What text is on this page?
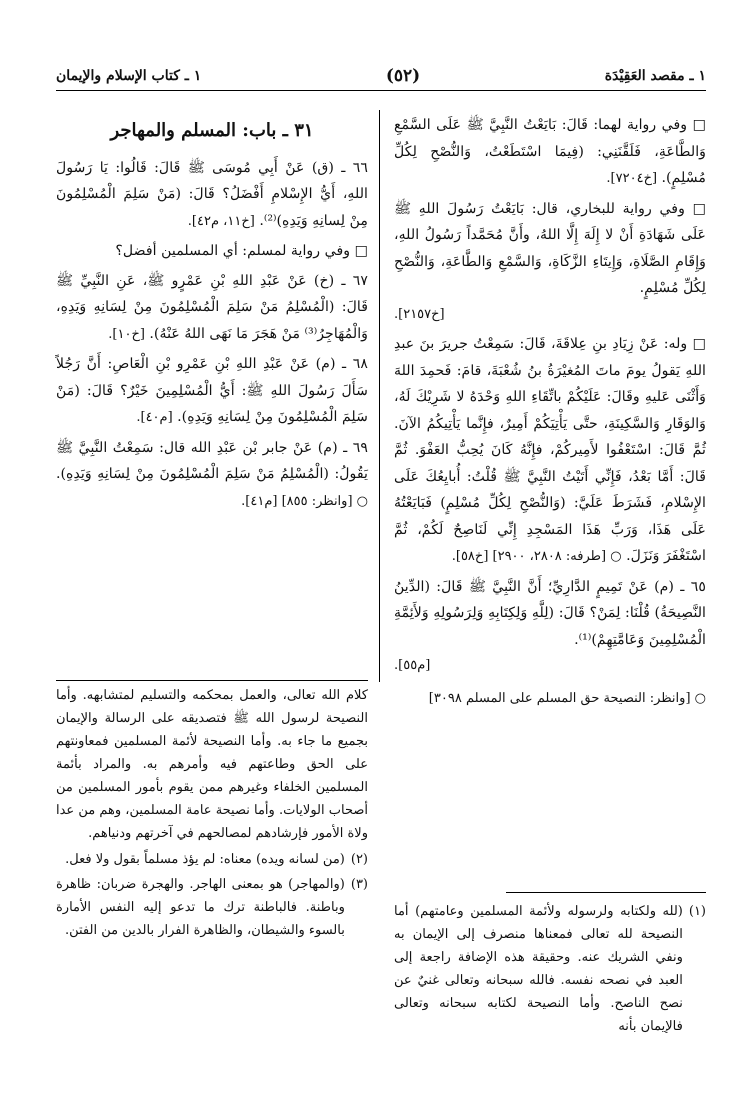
١ ـ مقصد العَقِيْدَة
(٥٢)
١ ـ كتاب الإسلام والإيمان

□ وفي رواية لهما: قَالَ: بَايَعْتُ النَّبِيَّ ﷺ عَلَى السَّمْعِ وَالطَّاعَةِ، فَلَقَّنَنِي: (فِيمَا اسْتَطَعْتُ، وَالنُّصْحِ لِكُلِّ مُسْلِمٍ). [خ٧٢٠٤].

□ وفي رواية للبخاري، قال: بَايَعْتُ رَسُولَ اللهِ ﷺ عَلَى شَهَادَةِ أَنْ لا إِلَهَ إِلَّا اللهُ، وأَنَّ مُحَمَّداً رَسُولُ اللهِ، وَإِقَامِ الصَّلَاةِ، وَإِيتَاءِ الزَّكَاةِ، وَالسَّمْعِ وَالطَّاعَةِ، وَالنُّصْحِ لِكُلِّ مُسْلِمٍ.
[خ٢١٥٧].

□ وله: عَنْ زِيَادِ بنِ عِلاقَةَ، قَالَ: سَمِعْتُ جريرَ بنَ عبدِ اللهِ يَقولُ يومَ ماتَ المُغيْرَةُ بنُ شُعْبَةَ، قامَ: فَحمِدَ اللهَ وَأَثْنَى عَليهِ وقَالَ: عَلَيْكُمْ باتِّقَاءِ اللهِ وَحْدَهُ لا شَرِيْكَ لَهُ، وَالوَقَارِ وَالسَّكِينَةِ، حتَّى يَأْتِيَكُمْ أَمِيرٌ، فإِنَّما يَأْتِيكُمُ الآنَ. ثُمَّ قَالَ: اسْتَعْفُوا لأَمِيركُمْ، فإِنَّهُ كَانَ يُحِبُّ العَفْوَ. ثُمَّ قَالَ: أَمَّا بَعْدُ، فَإِنِّي أَتَيْتُ النَّبِيَّ ﷺ قُلْتُ: أُبايِعُكَ عَلَى الإِسْلامِ، فَشَرَطَ عَلَيَّ: (وَالنُّصْحِ لِكُلِّ مُسْلِمٍ) فَبَايَعْتُهُ عَلَى هَذَا، وَرَبِّ هَذَا المَسْجِدِ إِنِّي لَنَاصِحٌ لَكُمْ، ثُمَّ اسْتَغْفَرَ وَنَزَلَ. ○ [طرفه: ٢٨٠٨، ٢٩٠٠] [خ٥٨].

٦٥ ـ (م) عَنْ تَمِيمٍ الدَّارِيِّ؛ أَنَّ النَّبِيَّ ﷺ قَالَ: (الدِّينُ النَّصِيحَةُ) قُلْنَا: لِمَنْ؟ قَالَ: (لِلَّهِ وَلِكِتَابِهِ وَلِرَسُولِهِ وَلأَئِمَّةِ الْمُسْلِمِينَ وَعَامَّتِهِمْ)⁽¹⁾.
[م٥٥].

○ [وانظر: النصيحة حق المسلم على المسلم ٣٠٩٨]
٣١ ـ باب: المسلم والمهاجر

٦٦ ـ (ق) عَنْ أَبِي مُوسَى ﷺ قَالَ: قَالُوا: يَا رَسُولَ اللهِ، أَيُّ الإِسْلامِ أَفْضَلُ؟ قَالَ: (مَنْ سَلِمَ الْمُسْلِمُونَ مِنْ لِسانِهِ وَيَدِهِ)⁽²⁾. [خ١١، م٤٢].

□ وفي رواية لمسلم: أي المسلمين أفضل؟

٦٧ ـ (خ) عَنْ عَبْدِ اللهِ بْنِ عَمْرٍو ﷺ، عَنِ النَّبِيِّ ﷺ قَالَ: (الْمُسْلِمُ مَنْ سَلِمَ الْمُسْلِمُونَ مِنْ لِسَانِهِ وَيَدِهِ، وَالْمُهَاجِرُ⁽³⁾ مَنْ هَجَرَ مَا نَهَى اللهُ عَنْهُ). [خ١٠].

٦٨ ـ (م) عَنْ عَبْدِ اللهِ بْنِ عَمْرِو بْنِ الْعَاصِ: أَنَّ رَجُلاً سَأَلَ رَسُولَ اللهِ ﷺ: أَيُّ الْمُسْلِمِينَ خَيْرٌ؟ قَالَ: (مَنْ سَلِمَ الْمُسْلِمُونَ مِنْ لِسَانِهِ وَيَدِهِ). [م٤٠].

٦٩ ـ (م) عَنْ جابر بْن عَبْدِ الله قال: سَمِعْتُ النَّبِيَّ ﷺ يَقُولُ: (الْمُسْلِمُ مَنْ سَلِمَ الْمُسْلِمُونَ مِنْ لِسَانِهِ وَيَدِهِ). ○ [وانظر: ٨٥٥] [م٤١].

كلام الله تعالى، والعمل بمحكمه والتسليم لمتشابهه. وأما النصيحة لرسول الله ﷺ فتصديقه على الرسالة والإيمان بجميع ما جاء به. وأما النصيحة لأئمة المسلمين فمعاونتهم على الحق وطاعتهم فيه وأمرهم به. والمراد بأئمة المسلمين الخلفاء وغيرهم ممن يقوم بأمور المسلمين من أصحاب الولايات. وأما نصيحة عامة المسلمين، وهم من عدا ولاة الأمور فإرشادهم لمصالحهم في آخرتهم ودنياهم.

(٢)
(من لسانه ويده) معناه: لم يؤذ مسلماً بقول ولا فعل.
(٣)
(والمهاجر) هو بمعنى الهاجر. والهجرة ضربان: ظاهرة وباطنة. فالباطنة ترك ما تدعو إليه النفس الأمارة بالسوء والشيطان، والظاهرة الفرار بالدين من الفتن.
(١)
(لله ولكتابه ولرسوله ولأئمة المسلمين وعامتهم) أما النصيحة لله تعالى فمعناها منصرف إلى الإيمان به ونفي الشريك عنه. وحقيقة هذه الإضافة راجعة إلى العبد في نصحه نفسه. فالله سبحانه وتعالى غنيٌ عن نصح الناصح. وأما النصيحة لكتابه سبحانه وتعالى فالإيمان بأنه
